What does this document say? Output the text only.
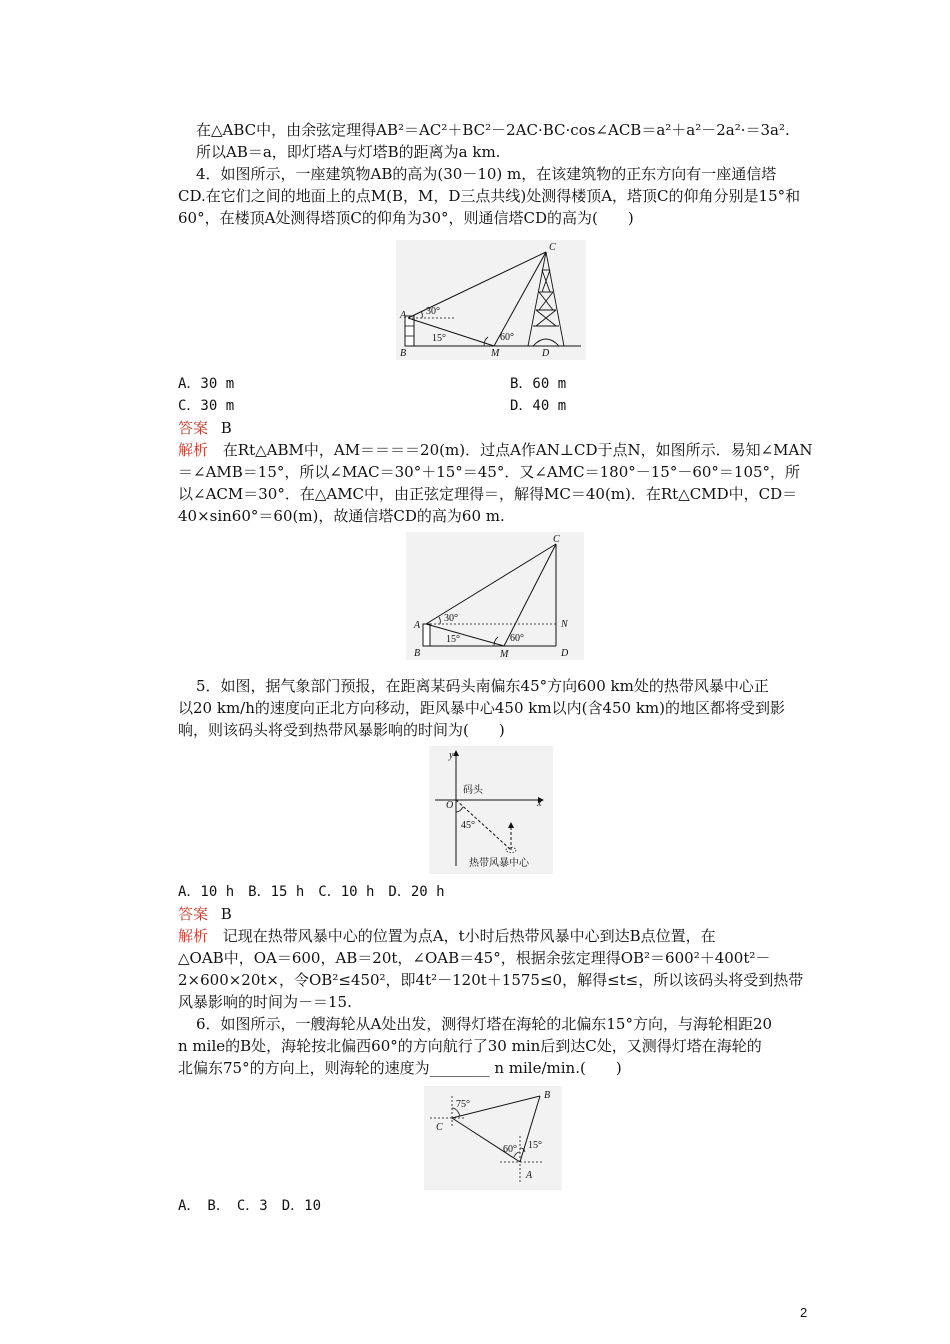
在△ABC中，由余弦定理得AB²＝AC²＋BC²－2AC·BC·cos∠ACB＝a²＋a²－2a²·＝3a².
所以AB＝a，即灯塔A与灯塔B的距离为a km.
4．如图所示，一座建筑物AB的高为(30－10) m，在该建筑物的正东方向有一座通信塔
CD.在它们之间的地面上的点M(B，M，D三点共线)处测得楼顶A，塔顶C的仰角分别是15°和
60°，在楼顶A处测得塔顶C的仰角为30°，则通信塔CD的高为(　　)
A
B	M	D
C
30°
15°	60°
A．30 m	B．60 m
C．30 m	D．40 m
答案 B
解析 在Rt△ABM中，AM＝＝＝＝20(m)．过点A作AN⊥CD于点N，如图所示．易知∠MAN
＝∠AMB＝15°，所以∠MAC＝30°＋15°＝45°．又∠AMC＝180°－15°－60°＝105°，所
以∠ACM＝30°．在△AMC中，由正弦定理得＝，解得MC＝40(m)．在Rt△CMD中，CD＝
40×sin60°＝60(m)，故通信塔CD的高为60 m.
A
B	M	D
C
N
30°
15°	60°
5．如图，据气象部门预报，在距离某码头南偏东45°方向600 km处的热带风暴中心正
以20 km/h的速度向正北方向移动，距风暴中心450 km以内(含450 km)的地区都将受到影
响，则该码头将受到热带风暴影响的时间为(　　)
y
x
O
码头
45°
热带风暴中心
A．10 h　B．15 h　C．10 h　D．20 h
答案 B
解析 记现在热带风暴中心的位置为点A，t小时后热带风暴中心到达B点位置，在
△OAB中，OA＝600，AB＝20t，∠OAB＝45°，根据余弦定理得OB²＝600²＋400t²－
2×600×20t×，令OB²≤450²，即4t²－120t＋1575≤0，解得≤t≤，所以该码头将受到热带
风暴影响的时间为－＝15.
6．如图所示，一艘海轮从A处出发，测得灯塔在海轮的北偏东15°方向，与海轮相距20
n mile的B处，海轮按北偏西60°的方向航行了30 min后到达C处，又测得灯塔在海轮的
北偏东75°的方向上，则海轮的速度为________ n mile/min.(　　)
C
B
A
75°
60° 15°
A．　B．　C．3　D．10
2
